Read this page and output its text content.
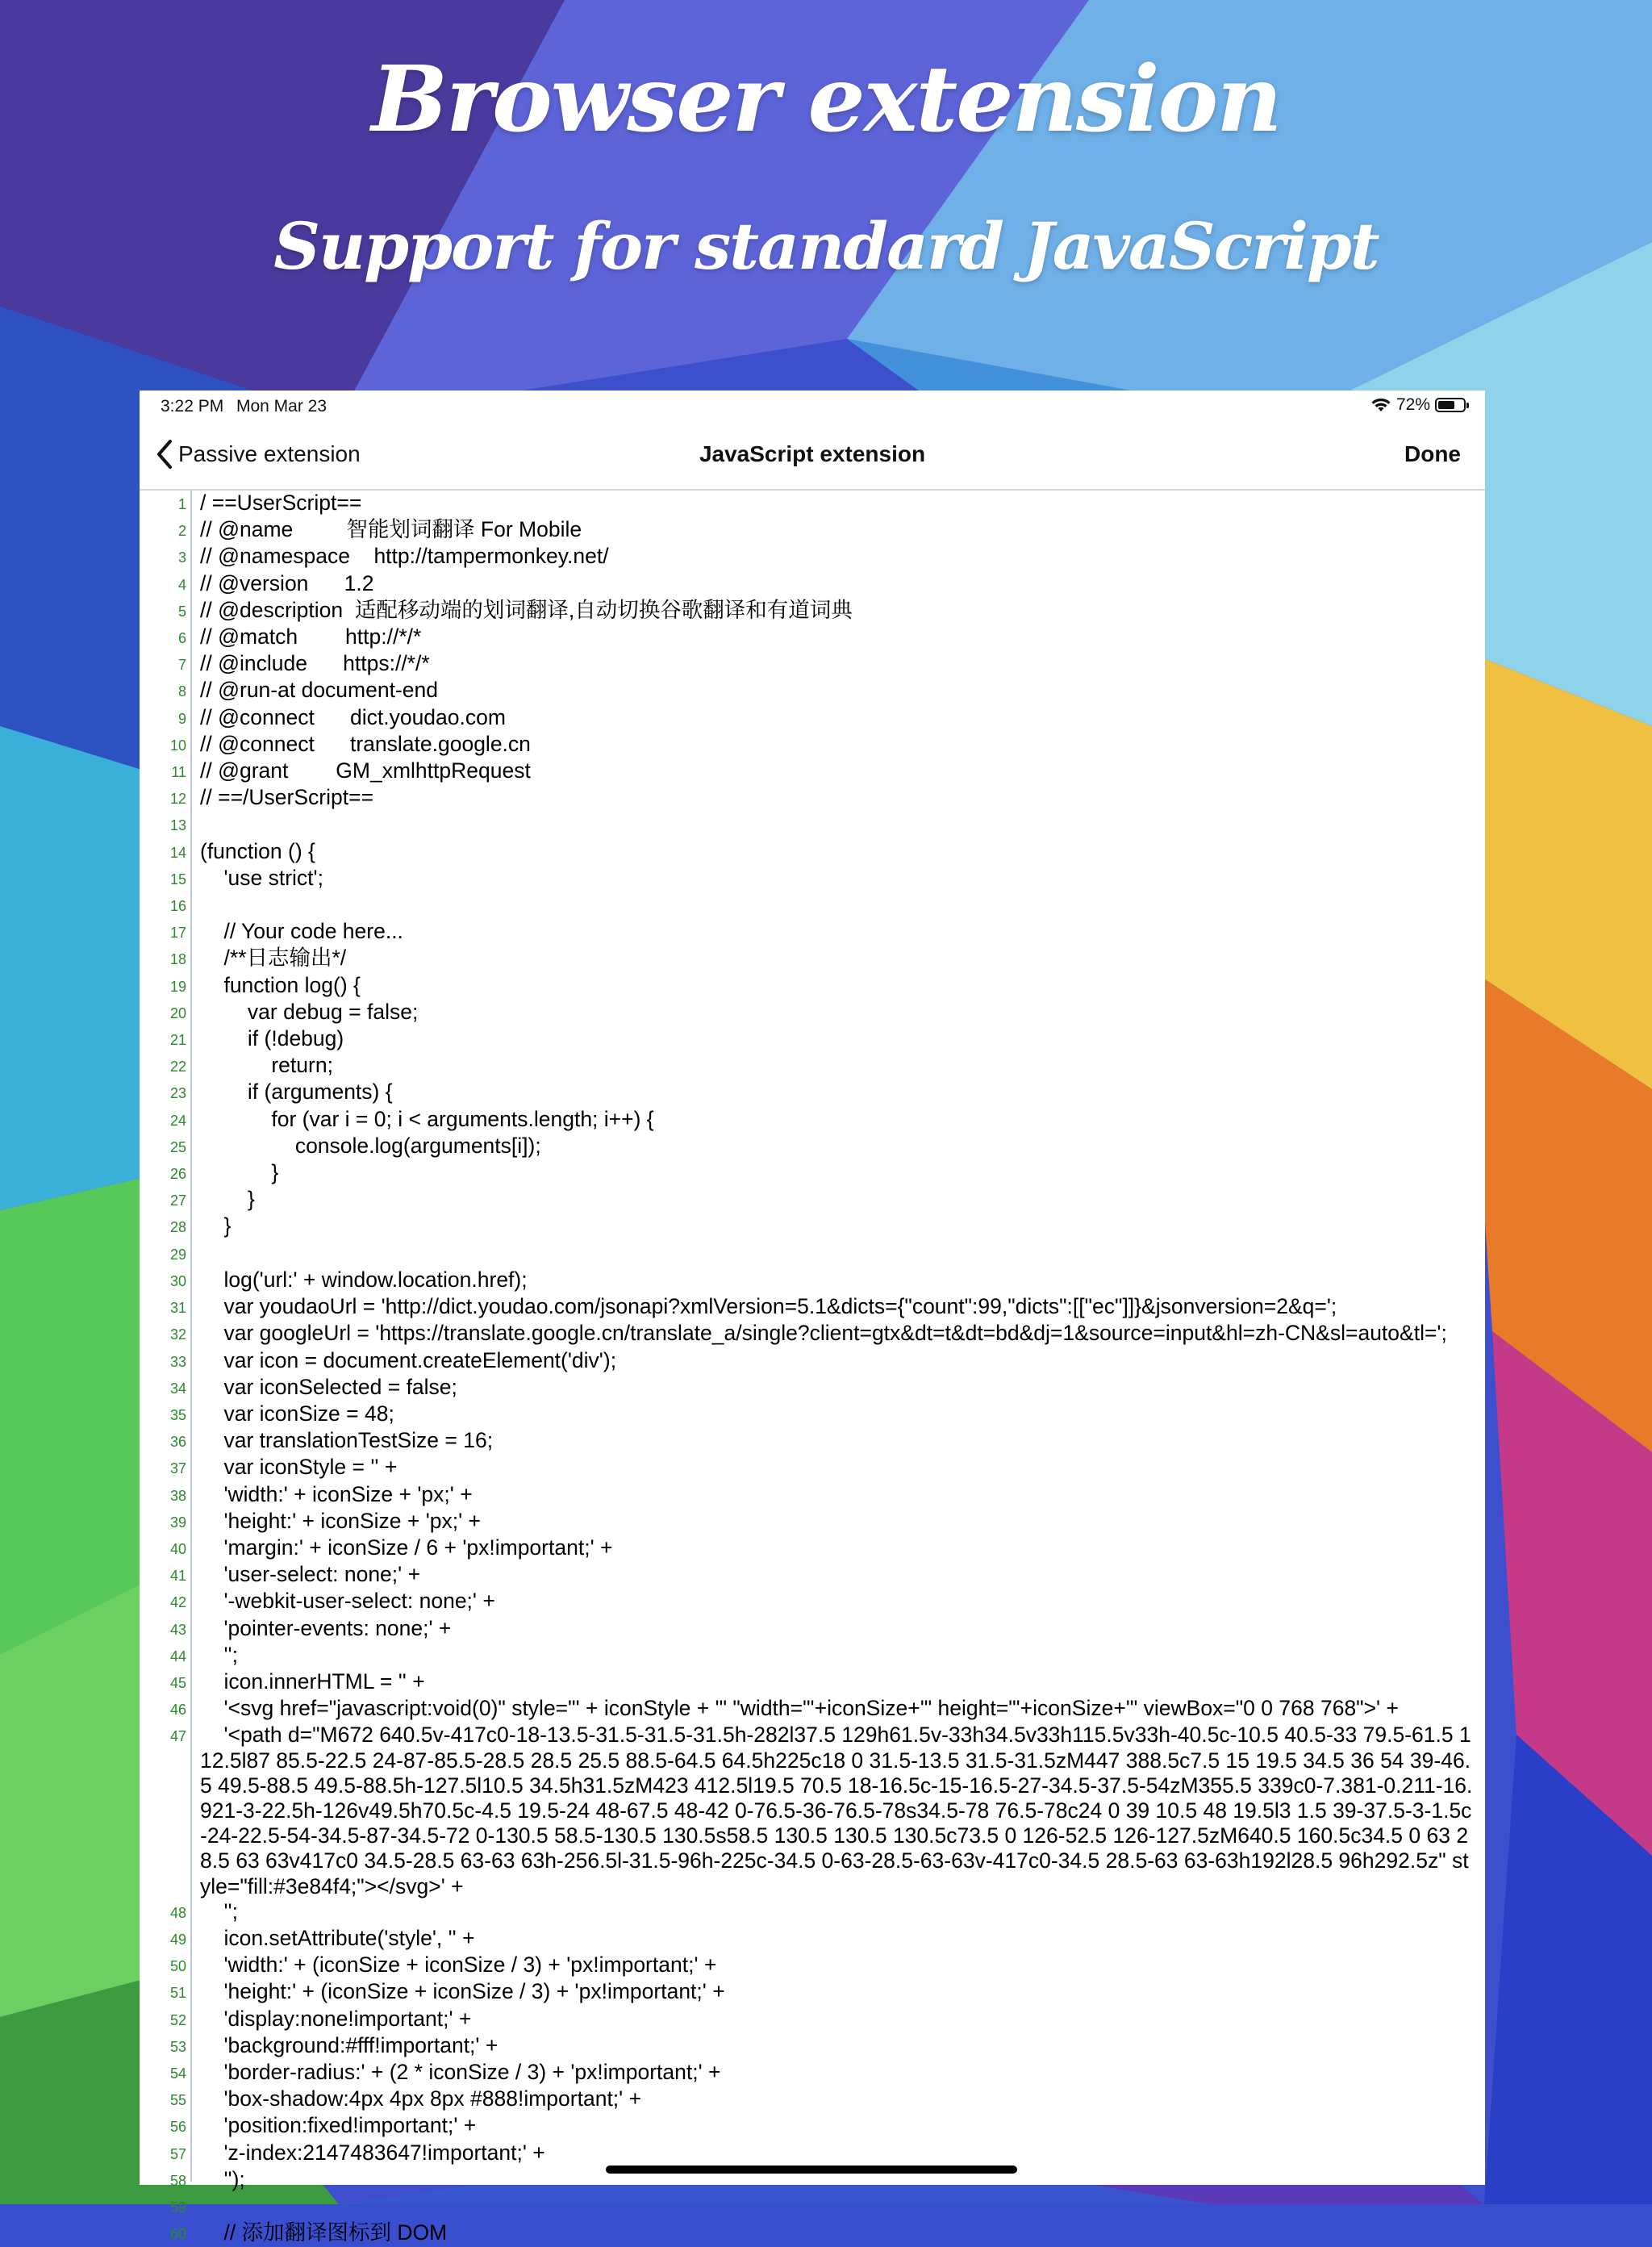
Browser extension
Support for standard JavaScript
3:22 PM Mon Mar 23	72%
Passive extension	JavaScript extension	Done
1 / ==UserScript==
2 // @name         智能划词翻译 For Mobile
3 // @namespace    http://tampermonkey.net/
4 // @version      1.2
5 // @description  适配移动端的划词翻译,自动切换谷歌翻译和有道词典
6 // @match        http://*/*
7 // @include      https://*/*
8 // @run-at document-end
9 // @connect      dict.youdao.com
10 // @connect      translate.google.cn
11 // @grant        GM_xmlhttpRequest
12 // ==/UserScript==
13
14 (function () {
15 'use strict';
16
17 // Your code here...
18 /**日志输出*/
19 function log() {
20 var debug = false;
21 if (!debug)
22 return;
23 if (arguments) {
24 for (var i = 0; i < arguments.length; i++) {
25 console.log(arguments[i]);
26 }
27 }
28 }
29
30 log('url:' + window.location.href);
31 var youdaoUrl = 'http://dict.youdao.com/jsonapi?xmlVersion=5.1&dicts={"count":99,"dicts":[["ec"]]}&jsonversion=2&q=';
32 var googleUrl = 'https://translate.google.cn/translate_a/single?client=gtx&dt=t&dt=bd&dj=1&source=input&hl=zh-CN&sl=auto&tl=';
33 var icon = document.createElement('div');
34 var iconSelected = false;
35 var iconSize = 48;
36 var translationTestSize = 16;
37 var iconStyle = '' +
38 'width:' + iconSize + 'px;' +
39 'height:' + iconSize + 'px;' +
40 'margin:' + iconSize / 6 + 'px!important;' +
41 'user-select: none;' +
42 '-webkit-user-select: none;' +
43 'pointer-events: none;' +
44 '';
45 icon.innerHTML = '' +
46 '<svg href="javascript:void(0)" style="' + iconStyle + '" "width="'+iconSize+'" height="'+iconSize+'" viewBox="0 0 768 768">' +
47 '<path d="M672 640.5v-417c0-18-13.5-31.5-31.5-31.5h-282l37.5 129h61.5v-33h34.5v33h115.5v33h-40.5c-10.5 40.5-33 79.5-61.5 112.5l87 85.5-22.5 24-87-85.5-28.5 28.5 25.5 88.5-64.5 64.5h225c18 0 31.5-13.5 31.5-31.5zM447 388.5c7.5 15 19.5 34.5 36 54 39-46.5 49.5-88.5 49.5-88.5h-127.5l10.5 34.5h31.5zM423 412.5l19.5 70.5 18-16.5c-15-16.5-27-34.5-37.5-54zM355.5 339c0-7.381-0.211-16.921-3-22.5h-126v49.5h70.5c-4.5 19.5-24 48-67.5 48-42 0-76.5-36-76.5-78s34.5-78 76.5-78c24 0 39 10.5 48 19.5l3 1.5 39-37.5-3-1.5c-24-22.5-54-34.5-87-34.5-72 0-130.5 58.5-130.5 130.5s58.5 130.5 130.5 130.5c73.5 0 126-52.5 126-127.5zM640.5 160.5c34.5 0 63 28.5 63 63v417c0 34.5-28.5 63-63 63h-256.5l-31.5-96h-225c-34.5 0-63-28.5-63-63v-417c0-34.5 28.5-63 63-63h192l28.5 96h292.5z" style="fill:#3e84f4;"></svg>' +
48 '';
49 icon.setAttribute('style', '' +
50 'width:' + (iconSize + iconSize / 3) + 'px!important;' +
51 'height:' + (iconSize + iconSize / 3) + 'px!important;' +
52 'display:none!important;' +
53 'background:#fff!important;' +
54 'border-radius:' + (2 * iconSize / 3) + 'px!important;' +
55 'box-shadow:4px 4px 8px #888!important;' +
56 'position:fixed!important;' +
57 'z-index:2147483647!important;' +
58 '');
59
60 // 添加翻译图标到 DOM
